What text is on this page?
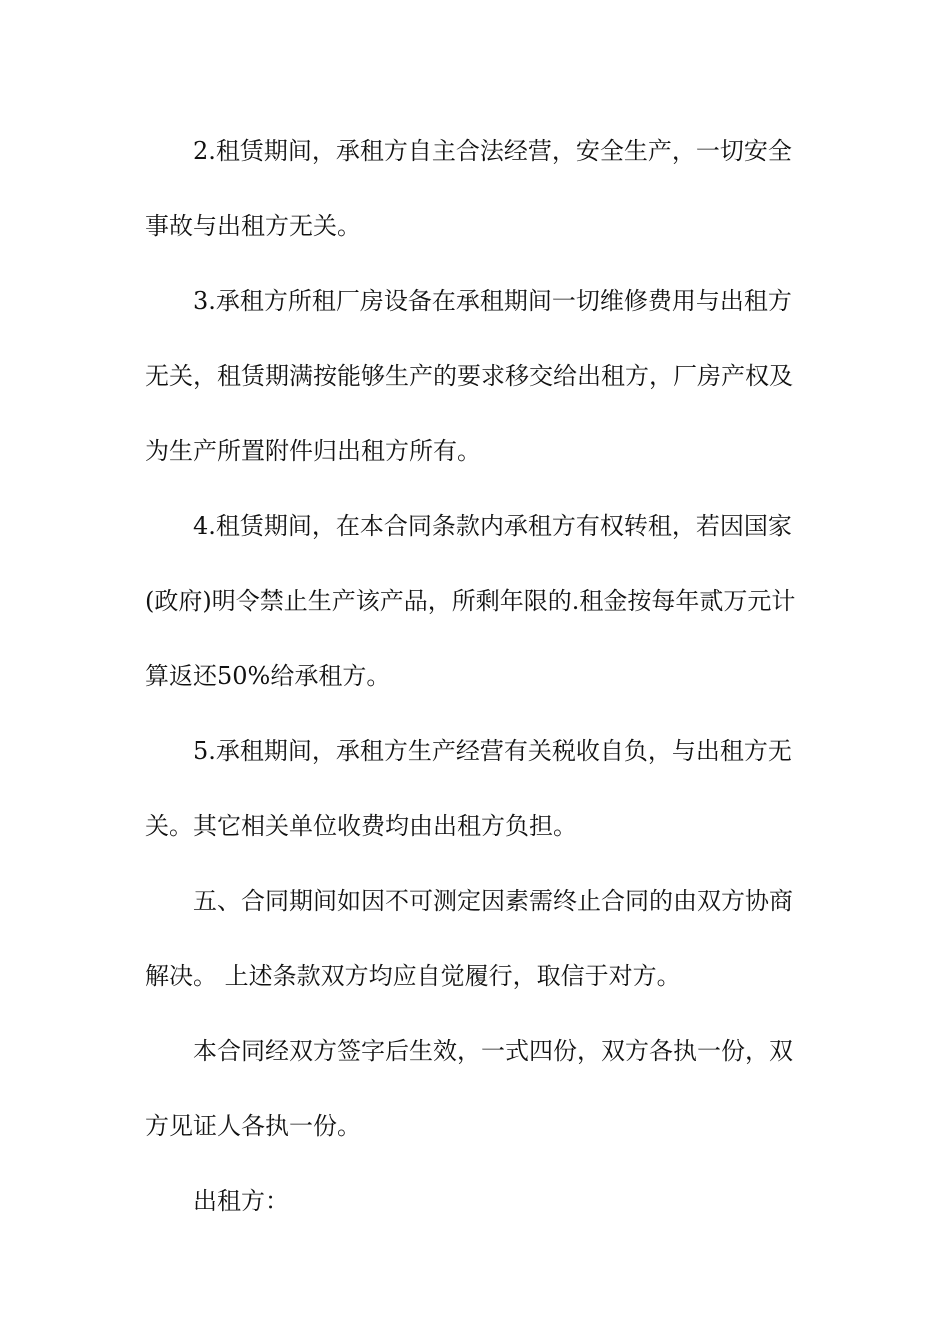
2.租赁期间，承租方自主合法经营，安全生产，一切安全
事故与出租方无关。
3.承租方所租厂房设备在承租期间一切维修费用与出租方
无关，租赁期满按能够生产的要求移交给出租方，厂房产权及
为生产所置附件归出租方所有。
4.租赁期间，在本合同条款内承租方有权转租，若因国家
(政府)明令禁止生产该产品，所剩年限的.租金按每年贰万元计
算返还50%给承租方。
5.承租期间，承租方生产经营有关税收自负，与出租方无
关。其它相关单位收费均由出租方负担。
五、合同期间如因不可测定因素需终止合同的由双方协商
解决。 上述条款双方均应自觉履行，取信于对方。
本合同经双方签字后生效，一式四份，双方各执一份，双
方见证人各执一份。
出租方：
